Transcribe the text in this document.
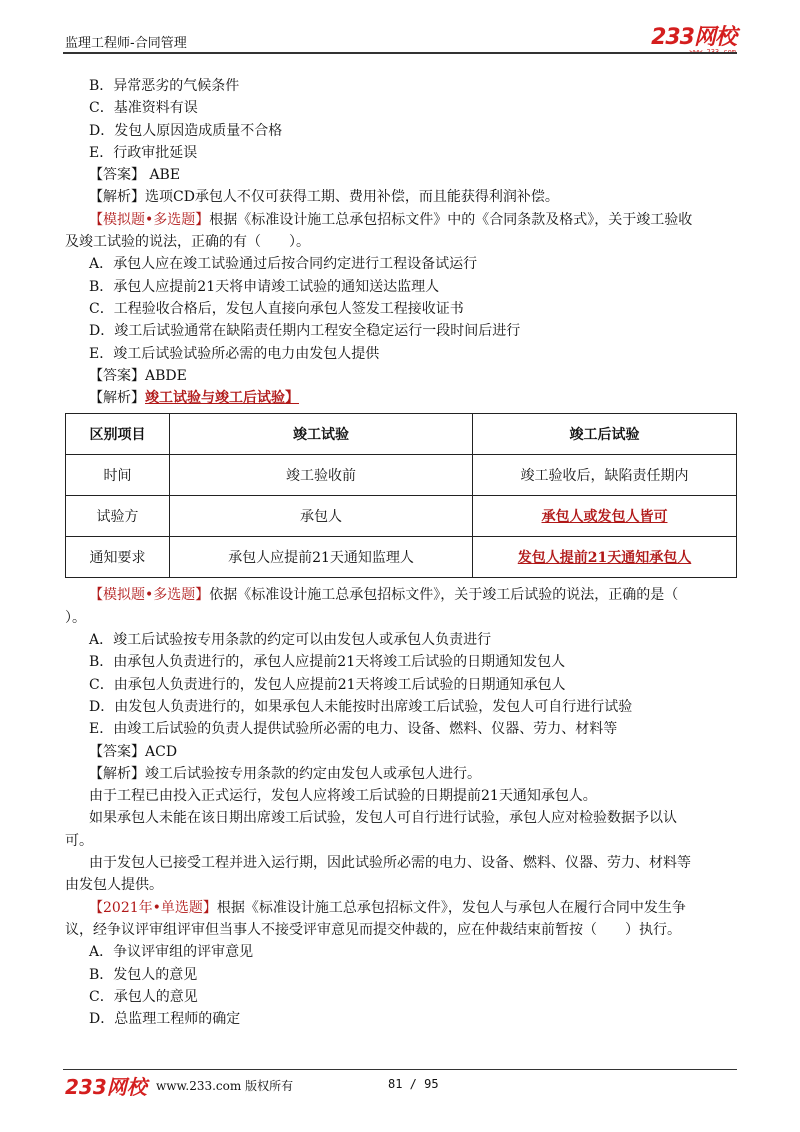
监理工程师-合同管理	233网校
www.233.com
B．异常恶劣的气候条件
C．基准资料有误
D．发包人原因造成质量不合格
E．行政审批延误
【答案】 ABE
【解析】选项CD承包人不仅可获得工期、费用补偿，而且能获得利润补偿。
【模拟题•多选题】根据《标准设计施工总承包招标文件》中的《合同条款及格式》，关于竣工验收
及竣工试验的说法，正确的有（　　）。
A．承包人应在竣工试验通过后按合同约定进行工程设备试运行
B．承包人应提前21天将申请竣工试验的通知送达监理人
C．工程验收合格后，发包人直接向承包人签发工程接收证书
D．竣工后试验通常在缺陷责任期内工程安全稳定运行一段时间后进行
E．竣工后试验试验所必需的电力由发包人提供
【答案】ABDE
【解析】竣工试验与竣工后试验】
区别项目	竣工试验	竣工后试验
时间	竣工验收前	竣工验收后，缺陷责任期内
试验方	承包人	承包人或发包人皆可
通知要求	承包人应提前21天通知监理人	发包人提前21天通知承包人
【模拟题•多选题】依据《标准设计施工总承包招标文件》，关于竣工后试验的说法，正确的是（
）。
A．竣工后试验按专用条款的约定可以由发包人或承包人负责进行
B．由承包人负责进行的，承包人应提前21天将竣工后试验的日期通知发包人
C．由承包人负责进行的，发包人应提前21天将竣工后试验的日期通知承包人
D．由发包人负责进行的，如果承包人未能按时出席竣工后试验，发包人可自行进行试验
E．由竣工后试验的负责人提供试验所必需的电力、设备、燃料、仪器、劳力、材料等
【答案】ACD
【解析】竣工后试验按专用条款的约定由发包人或承包人进行。
由于工程已由投入正式运行，发包人应将竣工后试验的日期提前21天通知承包人。
如果承包人未能在该日期出席竣工后试验，发包人可自行进行试验，承包人应对检验数据予以认
可。
由于发包人已接受工程并进入运行期，因此试验所必需的电力、设备、燃料、仪器、劳力、材料等
由发包人提供。
【2021年•单选题】根据《标准设计施工总承包招标文件》，发包人与承包人在履行合同中发生争
议，经争议评审组评审但当事人不接受评审意见而提交仲裁的，应在仲裁结束前暂按（　　）执行。
A．争议评审组的评审意见
B．发包人的意见
C．承包人的意见
D．总监理工程师的确定
233网校 www.233.com 版权所有	81 / 95
